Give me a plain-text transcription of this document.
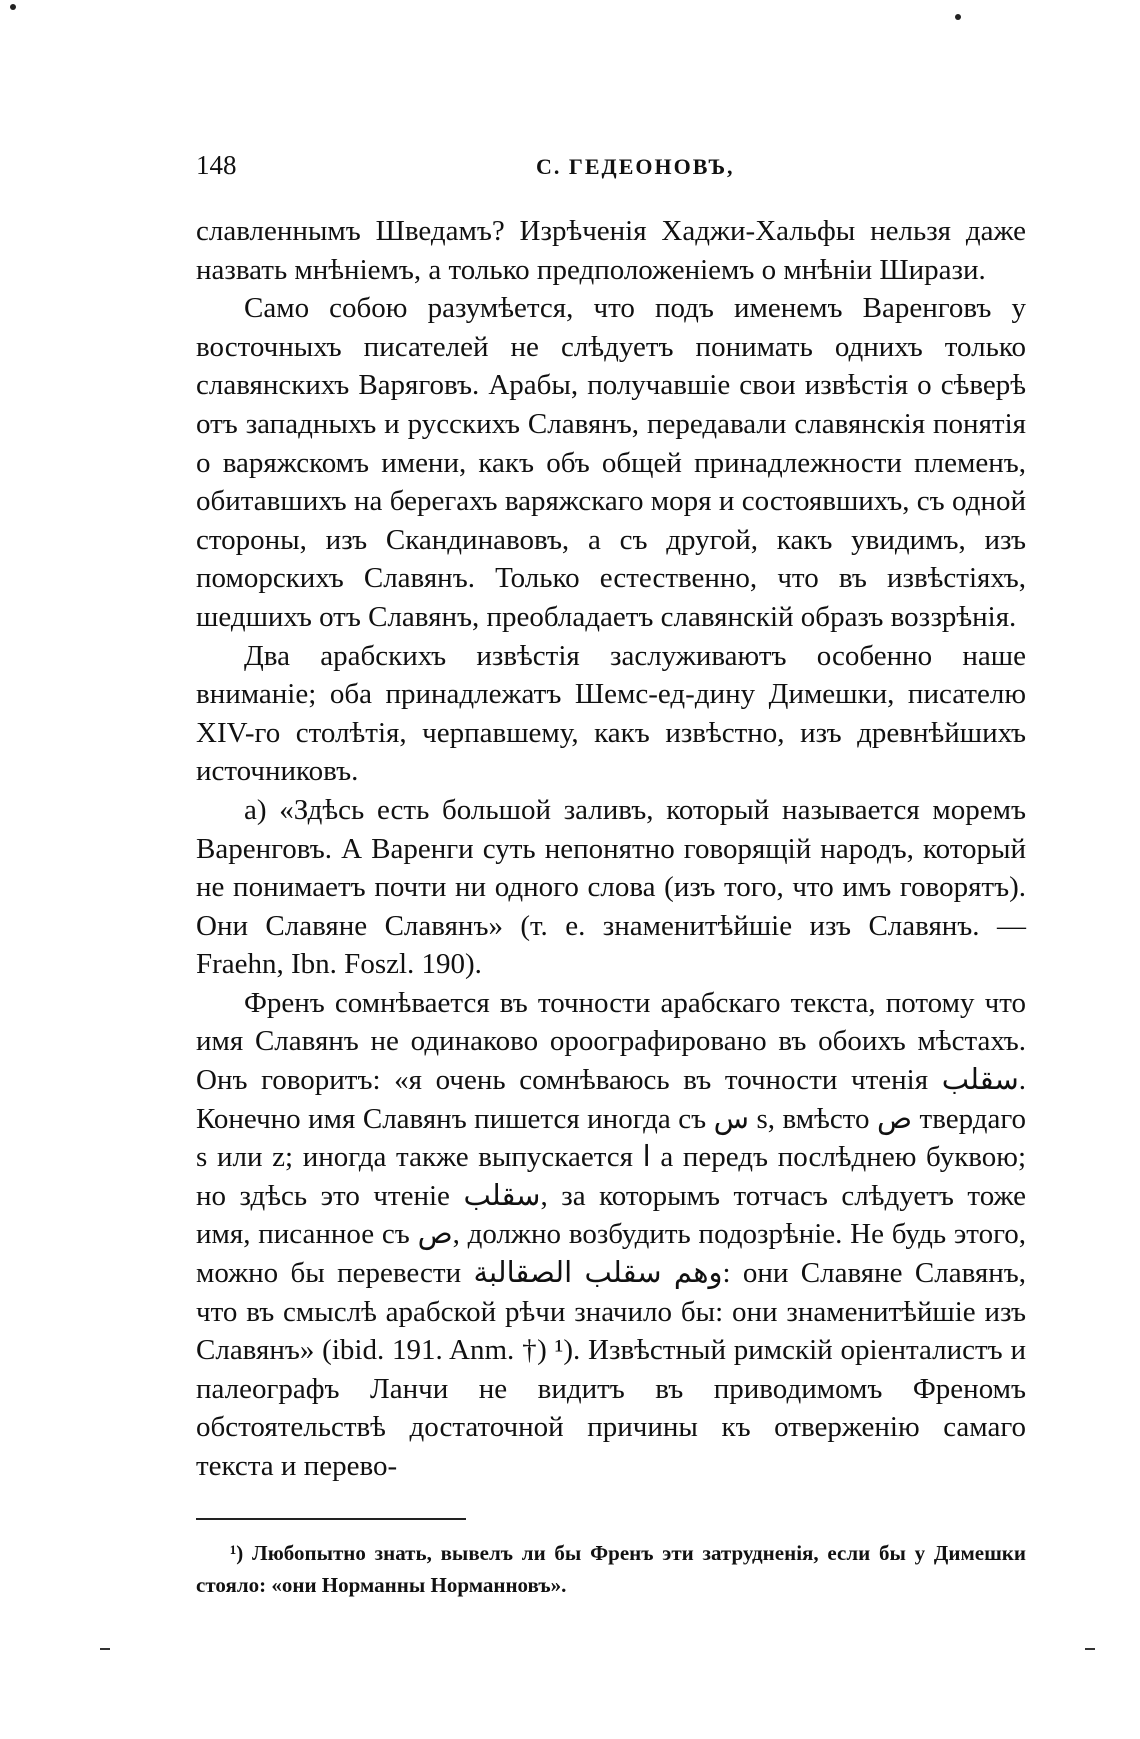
148	С. ГЕДЕОНОВЪ,

славленнымъ Шведамъ? Изрѣченія Хаджи-Хальфы нельзя даже назвать мнѣніемъ, а только предположеніемъ о мнѣніи Ширази.

Само собою разумѣется, что подъ именемъ Варенговъ у восточныхъ писателей не слѣдуетъ понимать однихъ только славянскихъ Варяговъ. Арабы, получавшіе свои извѣстія о сѣверѣ отъ западныхъ и русскихъ Славянъ, передавали славянскія понятія о варяжскомъ имени, какъ объ общей принадлежности племенъ, обитавшихъ на берегахъ варяжскаго моря и состоявшихъ, съ одной стороны, изъ Скандинавовъ, а съ другой, какъ увидимъ, изъ поморскихъ Славянъ. Только естественно, что въ извѣстіяхъ, шедшихъ отъ Славянъ, преобладаетъ славянскій образъ воззрѣнія.

Два арабскихъ извѣстія заслуживаютъ особенно наше вниманіе; оба принадлежатъ Шемс-ед-дину Димешки, писателю XIV-го столѣтія, черпавшему, какъ извѣстно, изъ древнѣйшихъ источниковъ.

а) «Здѣсь есть большой заливъ, который называется моремъ Варенговъ. А Варенги суть непонятно говорящій народъ, который не понимаетъ почти ни одного слова (изъ того, что имъ говорятъ). Они Славяне Славянъ» (т. е. знаменитѣйшіе изъ Славянъ. — Fraehn, Ibn. Foszl. 190).

Френъ сомнѣвается въ точности арабскаго текста, потому что имя Славянъ не одинаково ороографировано въ обоихъ мѣстахъ. Онъ говоритъ: «я очень сомнѣваюсь въ точности чтенія سقلب. Конечно имя Славянъ пишется иногда съ س s, вмѣсто ص твердаго s или z; иногда также выпускается ا a передъ послѣднею буквою; но здѣсь это чтеніе سقلب, за которымъ тотчасъ слѣдуетъ тоже имя, писанное съ ص, должно возбудить подозрѣніе. Не будь этого, можно бы перевести وهم سقلب الصقالبة: они Славяне Славянъ, что въ смыслѣ арабской рѣчи значило бы: они знаменитѣйшіе изъ Славянъ» (ibid. 191. Anm. †) ¹). Извѣстный римскій оріенталистъ и палеографъ Ланчи не видитъ въ приводимомъ Френомъ обстоятельствѣ достаточной причины къ отверженію самаго текста и перево-

¹) Любопытно знать, вывелъ ли бы Френъ эти затрудненія, если бы у Димешки стояло: «они Норманны Норманновъ».
